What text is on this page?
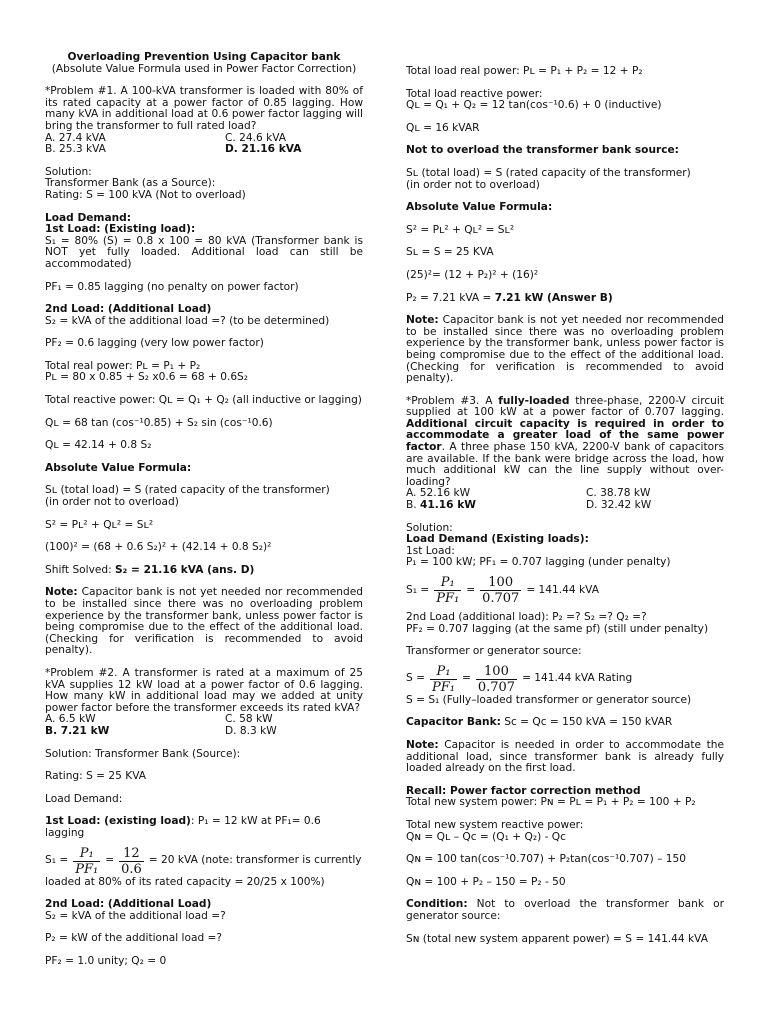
Overloading Prevention Using Capacitor bank

(Absolute Value Formula used in Power Factor Correction)

*Problem #1. A 100-kVA transformer is loaded with 80% of its rated capacity at a power factor of 0.85 lagging. How many kVA in additional load at 0.6 power factor lagging will bring the transformer to full rated load?

A. 27.4 kVA	C. 24.6 kVA
B. 25.3 kVA	D. 21.16 kVA

Solution:

Transformer Bank (as a Source):

Rating: S = 100 kVA (Not to overload)

Load Demand:

1st Load: (Existing load):

S₁ = 80% (S) = 0.8 x 100 = 80 kVA (Transformer bank is NOT yet fully loaded. Additional load can still be accommodated)

PF₁ = 0.85 lagging (no penalty on power factor)

2nd Load: (Additional Load)

S₂ = kVA of the additional load =? (to be determined)

PF₂ = 0.6 lagging (very low power factor)

Total real power: Pʟ = P₁ + P₂

Pʟ = 80 x 0.85 + S₂ x0.6 = 68 + 0.6S₂

Total reactive power: Qʟ = Q₁ + Q₂ (all inductive or lagging)

Qʟ = 68 tan (cos⁻¹0.85) + S₂ sin (cos⁻¹0.6)

Qʟ = 42.14 + 0.8 S₂

Absolute Value Formula:

Sʟ (total load) = S (rated capacity of the transformer)

(in order not to overload)

S² = Pʟ² + Qʟ² = Sʟ²

(100)² = (68 + 0.6 S₂)² + (42.14 + 0.8 S₂)²

Shift Solved: S₂ = 21.16 kVA (ans. D)

Note: Capacitor bank is not yet needed nor recommended to be installed since there was no overloading problem experience by the transformer bank, unless power factor is being compromise due to the effect of the additional load. (Checking for verification is recommended to avoid penalty).

*Problem #2. A transformer is rated at a maximum of 25 kVA supplies 12 kW load at a power factor of 0.6 lagging. How many kW in additional load may we added at unity power factor before the transformer exceeds its rated kVA?

A. 6.5 kW	C. 58 kW
B. 7.21 kW	D. 8.3 kW

Solution: Transformer Bank (Source):

Rating: S = 25 KVA

Load Demand:

1st Load: (existing load): P₁ = 12 kW at PF₁= 0.6 lagging

$S_1 = \frac{\text{P₁}}{\text{PF₁}} = \frac{12}{0.6} = 20$ kVA (note: transformer is currently

loaded at 80% of its rated capacity = 20/25 x 100%)

2nd Load: (Additional Load)

S₂ = kVA of the additional load =?

P₂ = kW of the additional load =?

PF₂ = 1.0 unity; Q₂ = 0

Total load real power: Pʟ = P₁ + P₂ = 12 + P₂

Total load reactive power:

Qʟ = Q₁ + Q₂ = 12 tan(cos⁻¹0.6) + 0 (inductive)

Qʟ = 16 kVAR

Not to overload the transformer bank source:

Sʟ (total load) = S (rated capacity of the transformer)

(in order not to overload)

Absolute Value Formula:

S² = Pʟ² + Qʟ² = Sʟ²

Sʟ = S = 25 KVA

(25)²= (12 + P₂)² + (16)²

P₂ = 7.21 kVA = 7.21 kW (Answer B)

Note: Capacitor bank is not yet needed nor recommended to be installed since there was no overloading problem experience by the transformer bank, unless power factor is being compromise due to the effect of the additional load. (Checking for verification is recommended to avoid penalty).

*Problem #3. A fully-loaded three-phase, 2200-V circuit supplied at 100 kW at a power factor of 0.707 lagging. Additional circuit capacity is required in order to accommodate a greater load of the same power factor. A three phase 150 kVA, 2200-V bank of capacitors are available. If the bank were bridge across the load, how much additional kW can the line supply without over-loading?

A. 52.16 kW	C. 38.78 kW
B. 41.16 kW	D. 32.42 kW

Solution:

Load Demand (Existing loads):

1st Load:

P₁ = 100 kW; PF₁ = 0.707 lagging (under penalty)

$S_1 = \frac{\text{P₁}}{\text{PF₁}} = \frac{100}{0.707} = 141.44$ kVA

2nd Load (additional load): P₂ =? S₂ =? Q₂ =?

PF₂ = 0.707 lagging (at the same pf) (still under penalty)

Transformer or generator source:

$S = \frac{\text{P₁}}{\text{PF₁}} = \frac{100}{0.707} = 141.44$ kVA Rating

S = S₁ (Fully–loaded transformer or generator source)

Capacitor Bank: Sᴄ = Qᴄ = 150 kVA = 150 kVAR

Note: Capacitor is needed in order to accommodate the additional load, since transformer bank is already fully loaded already on the first load.

Recall: Power factor correction method

Total new system power: Pɴ = Pʟ = P₁ + P₂ = 100 + P₂

Total new system reactive power:

Qɴ = Qʟ – Qᴄ = (Q₁ + Q₂) - Qᴄ

Qɴ = 100 tan(cos⁻¹0.707) + P₂tan(cos⁻¹0.707) – 150

Qɴ = 100 + P₂ – 150 = P₂ - 50

Condition: Not to overload the transformer bank or generator source:

Sɴ (total new system apparent power) = S = 141.44 kVA
